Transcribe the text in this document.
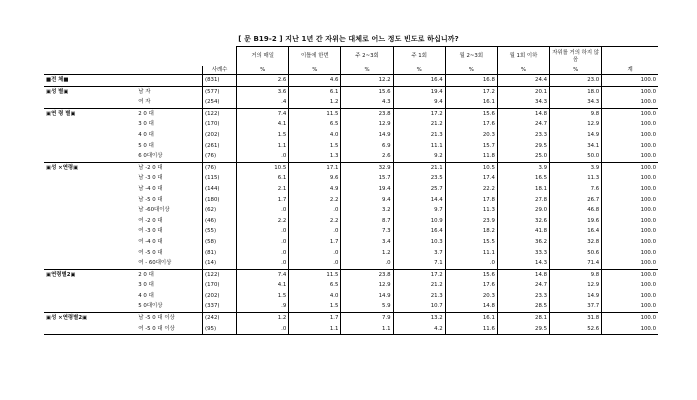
[ 문 B19-2 ] 지난 1년 간 자위는 대체로 어느 정도 빈도로 하십니까?
			거의 매일	이틀에 한번	주 2~3회	주 1회	월 2~3회	월 1회 이하	자위를 거의 하지 않음	
		사례수	%	%	%	%	%	%	%	계
■전 체■		(831)	2.6	4.6	12.2	16.4	16.8	24.4	23.0	100.0
▣성 별▣	남 자	(577)	3.6	6.1	15.6	19.4	17.2	20.1	18.0	100.0
	여 자	(254)	.4	1.2	4.3	9.4	16.1	34.3	34.3	100.0
▣연 령 별▣	2 0 대	(122)	7.4	11.5	23.8	17.2	15.6	14.8	9.8	100.0
	3 0 대	(170)	4.1	6.5	12.9	21.2	17.6	24.7	12.9	100.0
	4 0 대	(202)	1.5	4.0	14.9	21.3	20.3	23.3	14.9	100.0
	5 0 대	(261)	1.1	1.5	6.9	11.1	15.7	29.5	34.1	100.0
	6 0대이상	(76)	.0	1.3	2.6	9.2	11.8	25.0	50.0	100.0
▣성 ×연령▣	남 -2 0 대	(76)	10.5	17.1	32.9	21.1	10.5	3.9	3.9	100.0
	남 -3 0 대	(115)	6.1	9.6	15.7	23.5	17.4	16.5	11.3	100.0
	남 -4 0 대	(144)	2.1	4.9	19.4	25.7	22.2	18.1	7.6	100.0
	남 -5 0 대	(180)	1.7	2.2	9.4	14.4	17.8	27.8	26.7	100.0
	남 -60대이상	(62)	.0	.0	3.2	9.7	11.3	29.0	46.8	100.0
	여 -2 0 대	(46)	2.2	2.2	8.7	10.9	23.9	32.6	19.6	100.0
	여 -3 0 대	(55)	.0	.0	7.3	16.4	18.2	41.8	16.4	100.0
	여 -4 0 대	(58)	.0	1.7	3.4	10.3	15.5	36.2	32.8	100.0
	여 -5 0 대	(81)	.0	.0	1.2	3.7	11.1	33.3	50.6	100.0
	여 - 60대이상	(14)	.0	.0	.0	7.1	.0	14.3	71.4	100.0
▣연령별2▣	2 0 대	(122)	7.4	11.5	23.8	17.2	15.6	14.8	9.8	100.0
	3 0 대	(170)	4.1	6.5	12.9	21.2	17.6	24.7	12.9	100.0
	4 0 대	(202)	1.5	4.0	14.9	21.3	20.3	23.3	14.9	100.0
	5 0대이상	(337)	.9	1.5	5.9	10.7	14.8	28.5	37.7	100.0
▣성 ×연령별2▣	남 -5 0 대 이상	(242)	1.2	1.7	7.9	13.2	16.1	28.1	31.8	100.0
	여 -5 0 대 이상	(95)	.0	1.1	1.1	4.2	11.6	29.5	52.6	100.0
